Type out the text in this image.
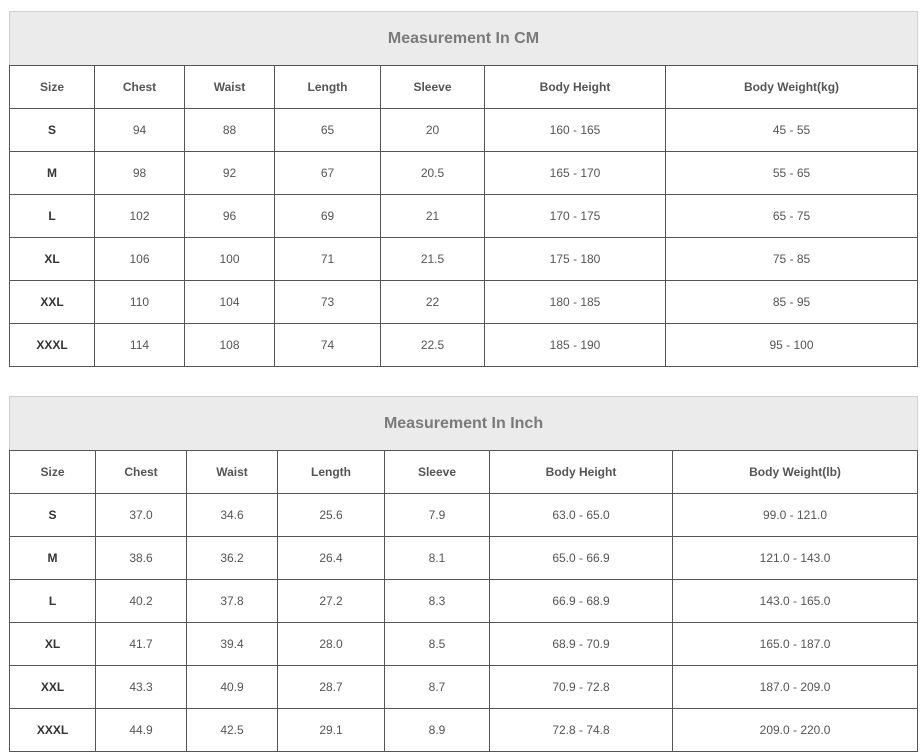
Measurement In CM						
Size	Chest	Waist	Length	Sleeve	Body Height	Body Weight(kg)
S	94	88	65	20	160 - 165	45 - 55
M	98	92	67	20.5	165 - 170	55 - 65
L	102	96	69	21	170 - 175	65 - 75
XL	106	100	71	21.5	175 - 180	75 - 85
XXL	110	104	73	22	180 - 185	85 - 95
XXXL	114	108	74	22.5	185 - 190	95 - 100
Measurement In Inch						
Size	Chest	Waist	Length	Sleeve	Body Height	Body Weight(lb)
S	37.0	34.6	25.6	7.9	63.0 - 65.0	99.0 - 121.0
M	38.6	36.2	26.4	8.1	65.0 - 66.9	121.0 - 143.0
L	40.2	37.8	27.2	8.3	66.9 - 68.9	143.0 - 165.0
XL	41.7	39.4	28.0	8.5	68.9 - 70.9	165.0 - 187.0
XXL	43.3	40.9	28.7	8.7	70.9 - 72.8	187.0 - 209.0
XXXL	44.9	42.5	29.1	8.9	72.8 - 74.8	209.0 - 220.0
